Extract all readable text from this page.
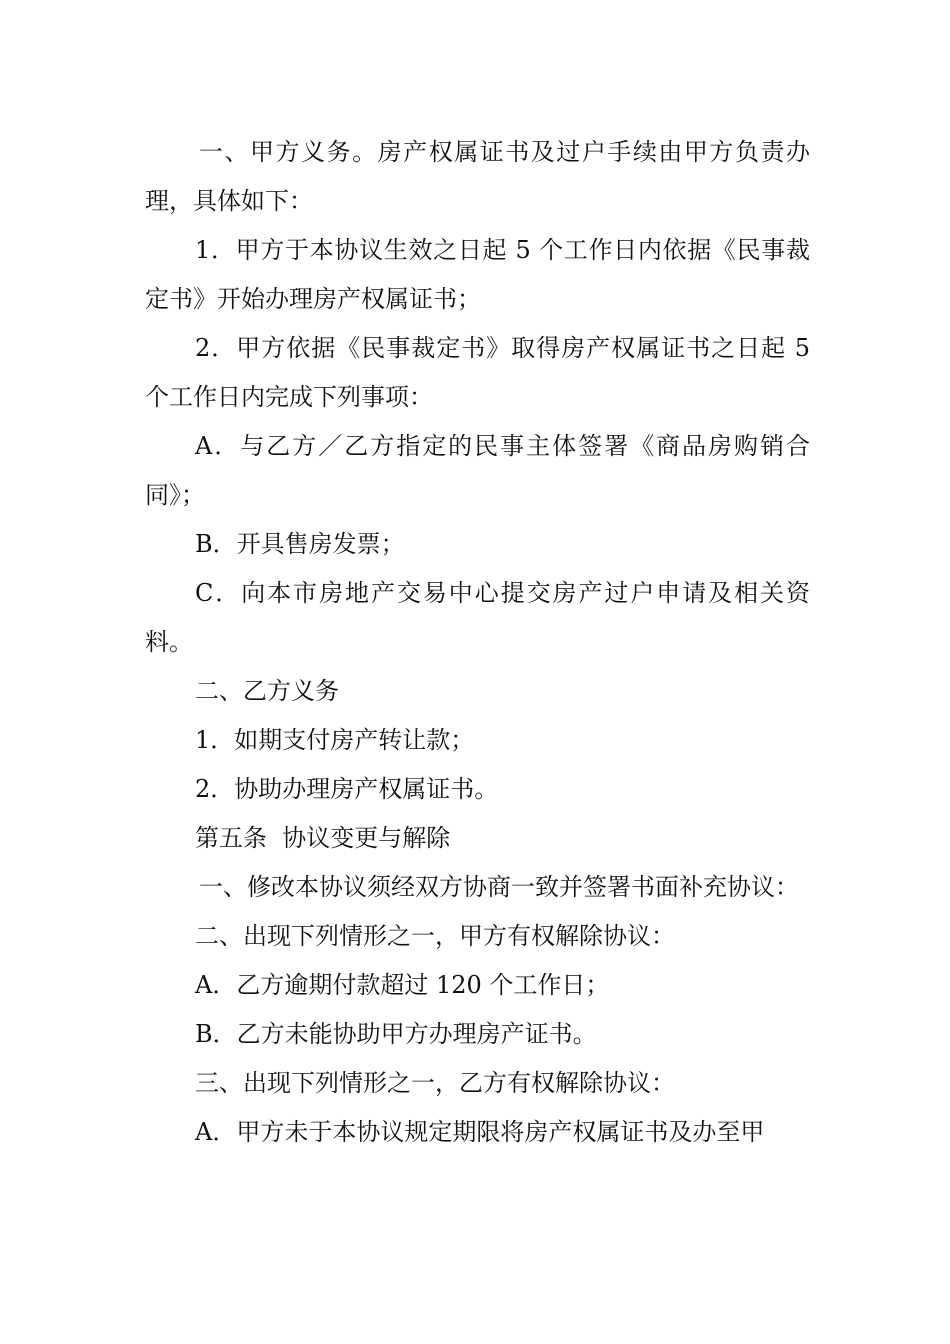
一、甲方义务。房产权属证书及过户手续由甲方负责办理，具体如下：

1．甲方于本协议生效之日起 5 个工作日内依据《民事裁定书》开始办理房产权属证书；

2．甲方依据《民事裁定书》取得房产权属证书之日起 5 个工作日内完成下列事项：

A．与乙方／乙方指定的民事主体签署《商品房购销合同》；

B．开具售房发票；

C．向本市房地产交易中心提交房产过户申请及相关资料。

二、乙方义务

1．如期支付房产转让款；

2．协助办理房产权属证书。

第五条  协议变更与解除

一、修改本协议须经双方协商一致并签署书面补充协议：

二、出现下列情形之一，甲方有权解除协议：

A．乙方逾期付款超过 120 个工作日；

B．乙方未能协助甲方办理房产证书。

三、出现下列情形之一，乙方有权解除协议：

A．甲方未于本协议规定期限将房产权属证书及办至甲
